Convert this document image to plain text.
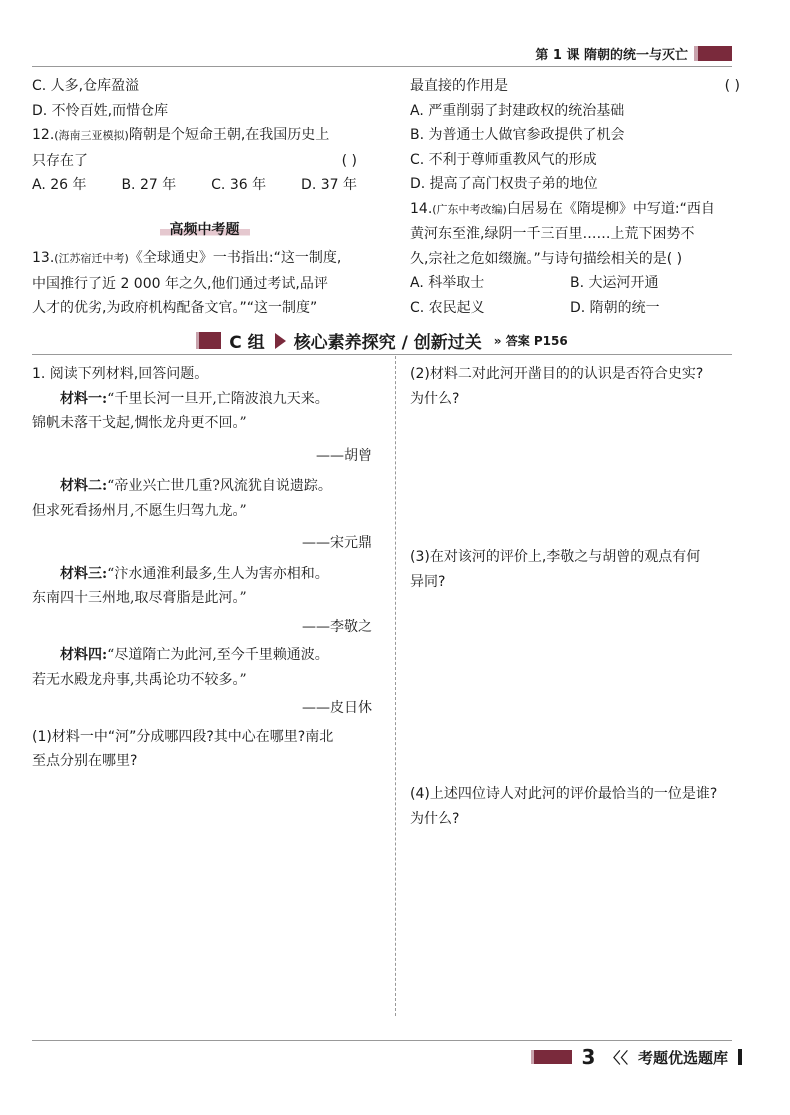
第 1 课 隋朝的统一与灭亡

C. 人多,仓库盈溢

D. 不怜百姓,而惜仓库

12.(海南三亚模拟)隋朝是个短命王朝,在我国历史上

只存在了	( )

A. 26 年 B. 27 年 C. 36 年 D. 37 年

高频中考题

13.(江苏宿迁中考)《全球通史》一书指出:“这一制度,

中国推行了近 2 000 年之久,他们通过考试,品评

人才的优劣,为政府机构配备文官。”“这一制度”

最直接的作用是	( )

A. 严重削弱了封建政权的统治基础

B. 为普通士人做官参政提供了机会

C. 不利于尊师重教风气的形成

D. 提高了高门权贵子弟的地位

14.(广东中考改编)白居易在《隋堤柳》中写道:“西自

黄河东至淮,绿阴一千三百里……上荒下困势不

久,宗社之危如缀旒。”与诗句描绘相关的是( )

A. 科举取士	B. 大运河开通

C. 农民起义	D. 隋朝的统一

C 组 核心素养探究 / 创新过关 » 答案 P156

1. 阅读下列材料,回答问题。

材料一:“千里长河一旦开,亡隋波浪九天来。

锦帆未落干戈起,惆怅龙舟更不回。”

——胡曾

材料二:“帝业兴亡世几重?风流犹自说遗踪。

但求死看扬州月,不愿生归驾九龙。”

——宋元鼎

材料三:“汴水通淮利最多,生人为害亦相和。

东南四十三州地,取尽膏脂是此河。”

——李敬之

材料四:“尽道隋亡为此河,至今千里赖通波。

若无水殿龙舟事,共禹论功不较多。”

——皮日休

(1)材料一中“河”分成哪四段?其中心在哪里?南北

至点分别在哪里?

(2)材料二对此河开凿目的的认识是否符合史实?

为什么?

(3)在对该河的评价上,李敬之与胡曾的观点有何

异同?

(4)上述四位诗人对此河的评价最恰当的一位是谁?

为什么?

3 〈〈 考题优选题库
